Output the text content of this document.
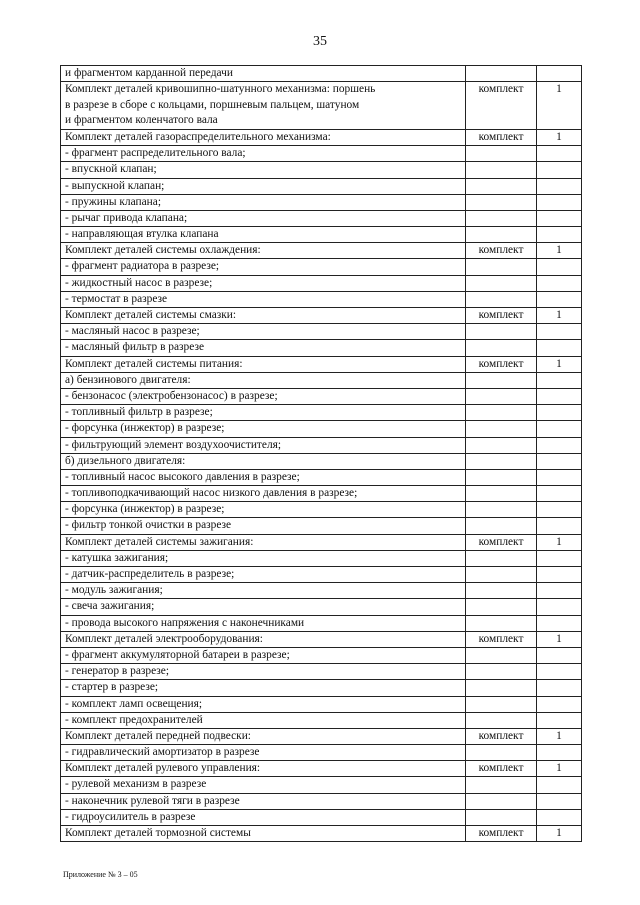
35
и фрагментом карданной передачи		
Комплект деталей кривошипно-шатунного механизма: поршень
в разрезе в сборе с кольцами, поршневым пальцем, шатуном
и фрагментом коленчатого вала	комплект	1
Комплект деталей газораспределительного механизма:	комплект	1
- фрагмент распределительного вала;		
- впускной клапан;		
- выпускной клапан;		
- пружины клапана;		
- рычаг привода клапана;		
- направляющая втулка клапана		
Комплект деталей системы охлаждения:	комплект	1
- фрагмент радиатора в разрезе;		
- жидкостный насос в разрезе;		
- термостат в разрезе		
Комплект деталей системы смазки:	комплект	1
- масляный насос в разрезе;		
- масляный фильтр в разрезе		
Комплект деталей системы питания:	комплект	1
а) бензинового двигателя:		
- бензонасос (электробензонасос) в разрезе;		
- топливный фильтр в разрезе;		
- форсунка (инжектор) в разрезе;		
- фильтрующий элемент воздухоочистителя;		
б) дизельного двигателя:		
- топливный насос высокого давления в разрезе;		
- топливоподкачивающий насос низкого давления в разрезе;		
- форсунка (инжектор) в разрезе;		
- фильтр тонкой очистки в разрезе		
Комплект деталей системы зажигания:	комплект	1
- катушка зажигания;		
- датчик-распределитель в разрезе;		
- модуль зажигания;		
- свеча зажигания;		
- провода высокого напряжения с наконечниками		
Комплект деталей электрооборудования:	комплект	1
- фрагмент аккумуляторной батареи в разрезе;		
- генератор в разрезе;		
- стартер в разрезе;		
- комплект ламп освещения;		
- комплект предохранителей		
Комплект деталей передней подвески:	комплект	1
- гидравлический амортизатор в разрезе		
Комплект деталей рулевого управления:	комплект	1
- рулевой механизм в разрезе		
- наконечник рулевой тяги в разрезе		
- гидроусилитель в разрезе		
Комплект деталей тормозной системы	комплект	1
Приложение № 3 – 05
